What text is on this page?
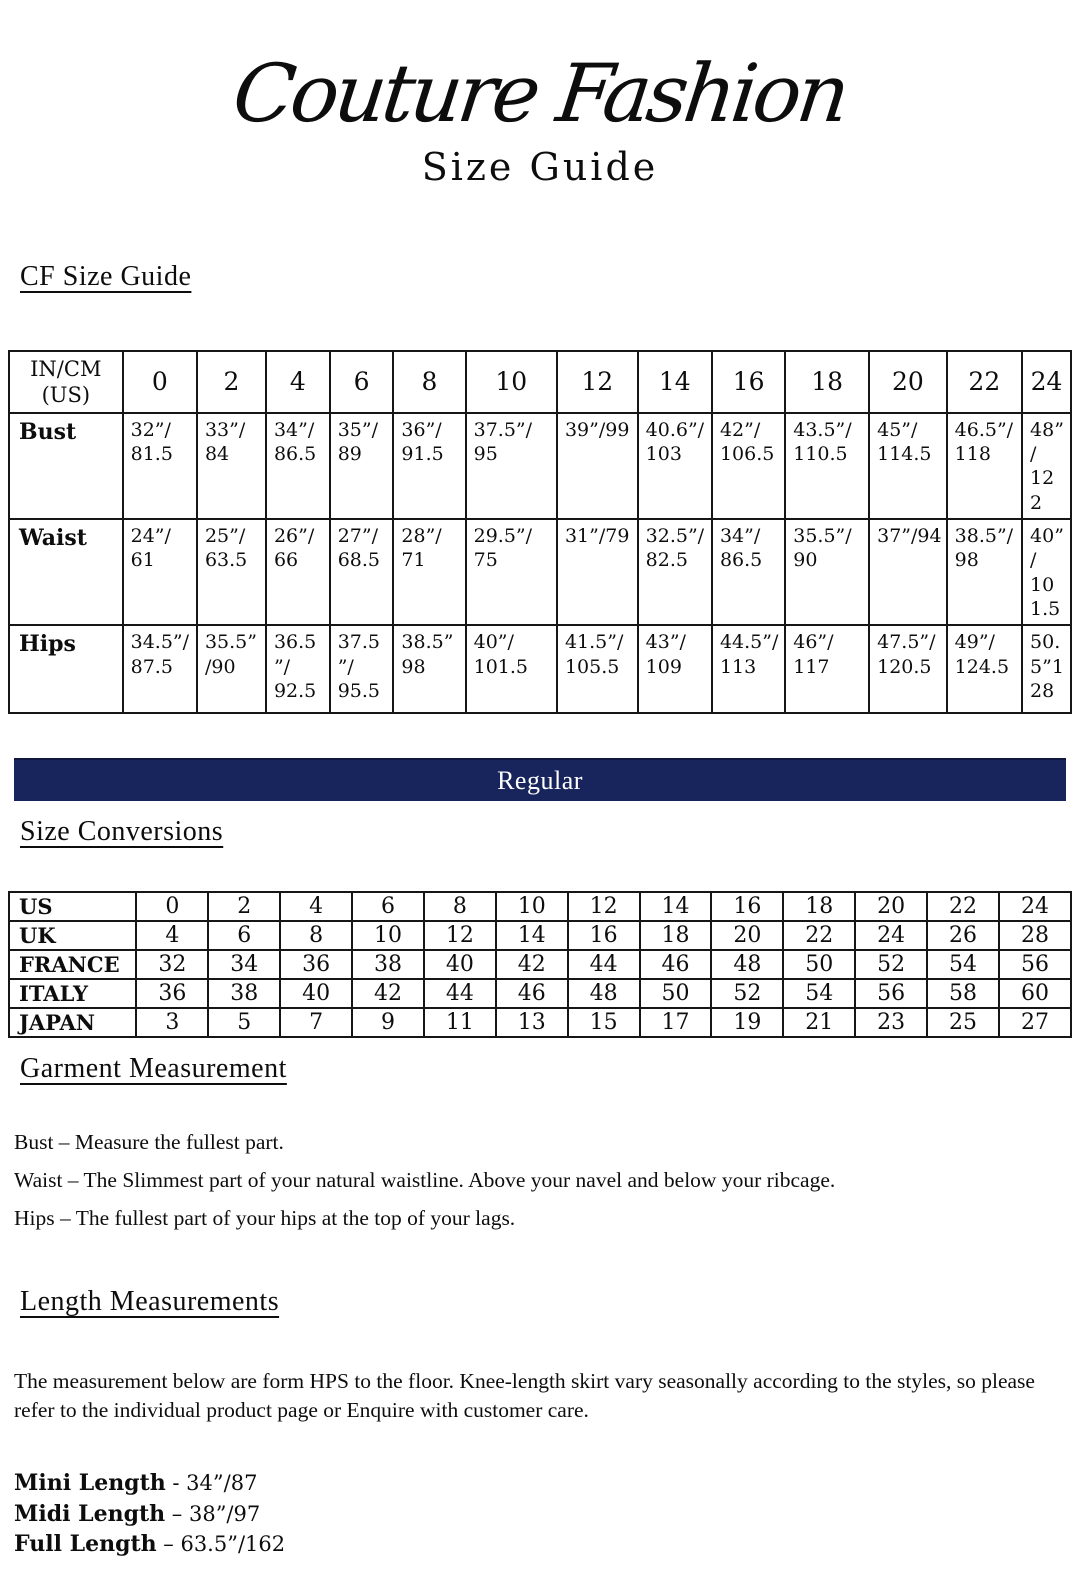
Couture Fashion
Size Guide
CF Size Guide
IN/CM (US)	0	2	4	6	8	10	12	14	16	18	20	22	24
Bust	32”/​81.5	33”/​84	34”/​86.5	35”/​89	36”/​91.5	37.5”/​95	39”/​99	40.6”/​103	42”/​106.5	43.5”/​110.5	45”/​114.5	46.5”/​118	48”/​122
Waist	24”/​61	25”/​63.5	26”/​66	27”/​68.5	28”/​71	29.5”/​75	31”/​79	32.5”/​82.5	34”/​86.5	35.5”/​90	37”/​94	38.5”/​98	40”/​101.5
Hips	34.5”/​87.5	35.5”/​90	36.5”/​92.5	37.5”/​95.5	38.5”98	40”/​101.5	41.5”/​105.5	43”/​109	44.5”/​113	46”/​117	47.5”/​120.5	49”/​124.5	50.5”128
Regular
Size Conversions
US	0	2	4	6	8	10	12	14	16	18	20	22	24
UK	4	6	8	10	12	14	16	18	20	22	24	26	28
FRANCE	32	34	36	38	40	42	44	46	48	50	52	54	56
ITALY	36	38	40	42	44	46	48	50	52	54	56	58	60
JAPAN	3	5	7	9	11	13	15	17	19	21	23	25	27
Garment Measurement

Bust – Measure the fullest part.

Waist – The Slimmest part of your natural waistline. Above your navel and below your ribcage.

Hips – The fullest part of your hips at the top of your lags.

Length Measurements

The measurement below are form HPS to the floor. Knee-length skirt vary seasonally according to the styles, so please refer to the individual product page or Enquire with customer care.

Mini Length - 34”/87
Midi Length – 38”/97
Full Length – 63.5”/162
